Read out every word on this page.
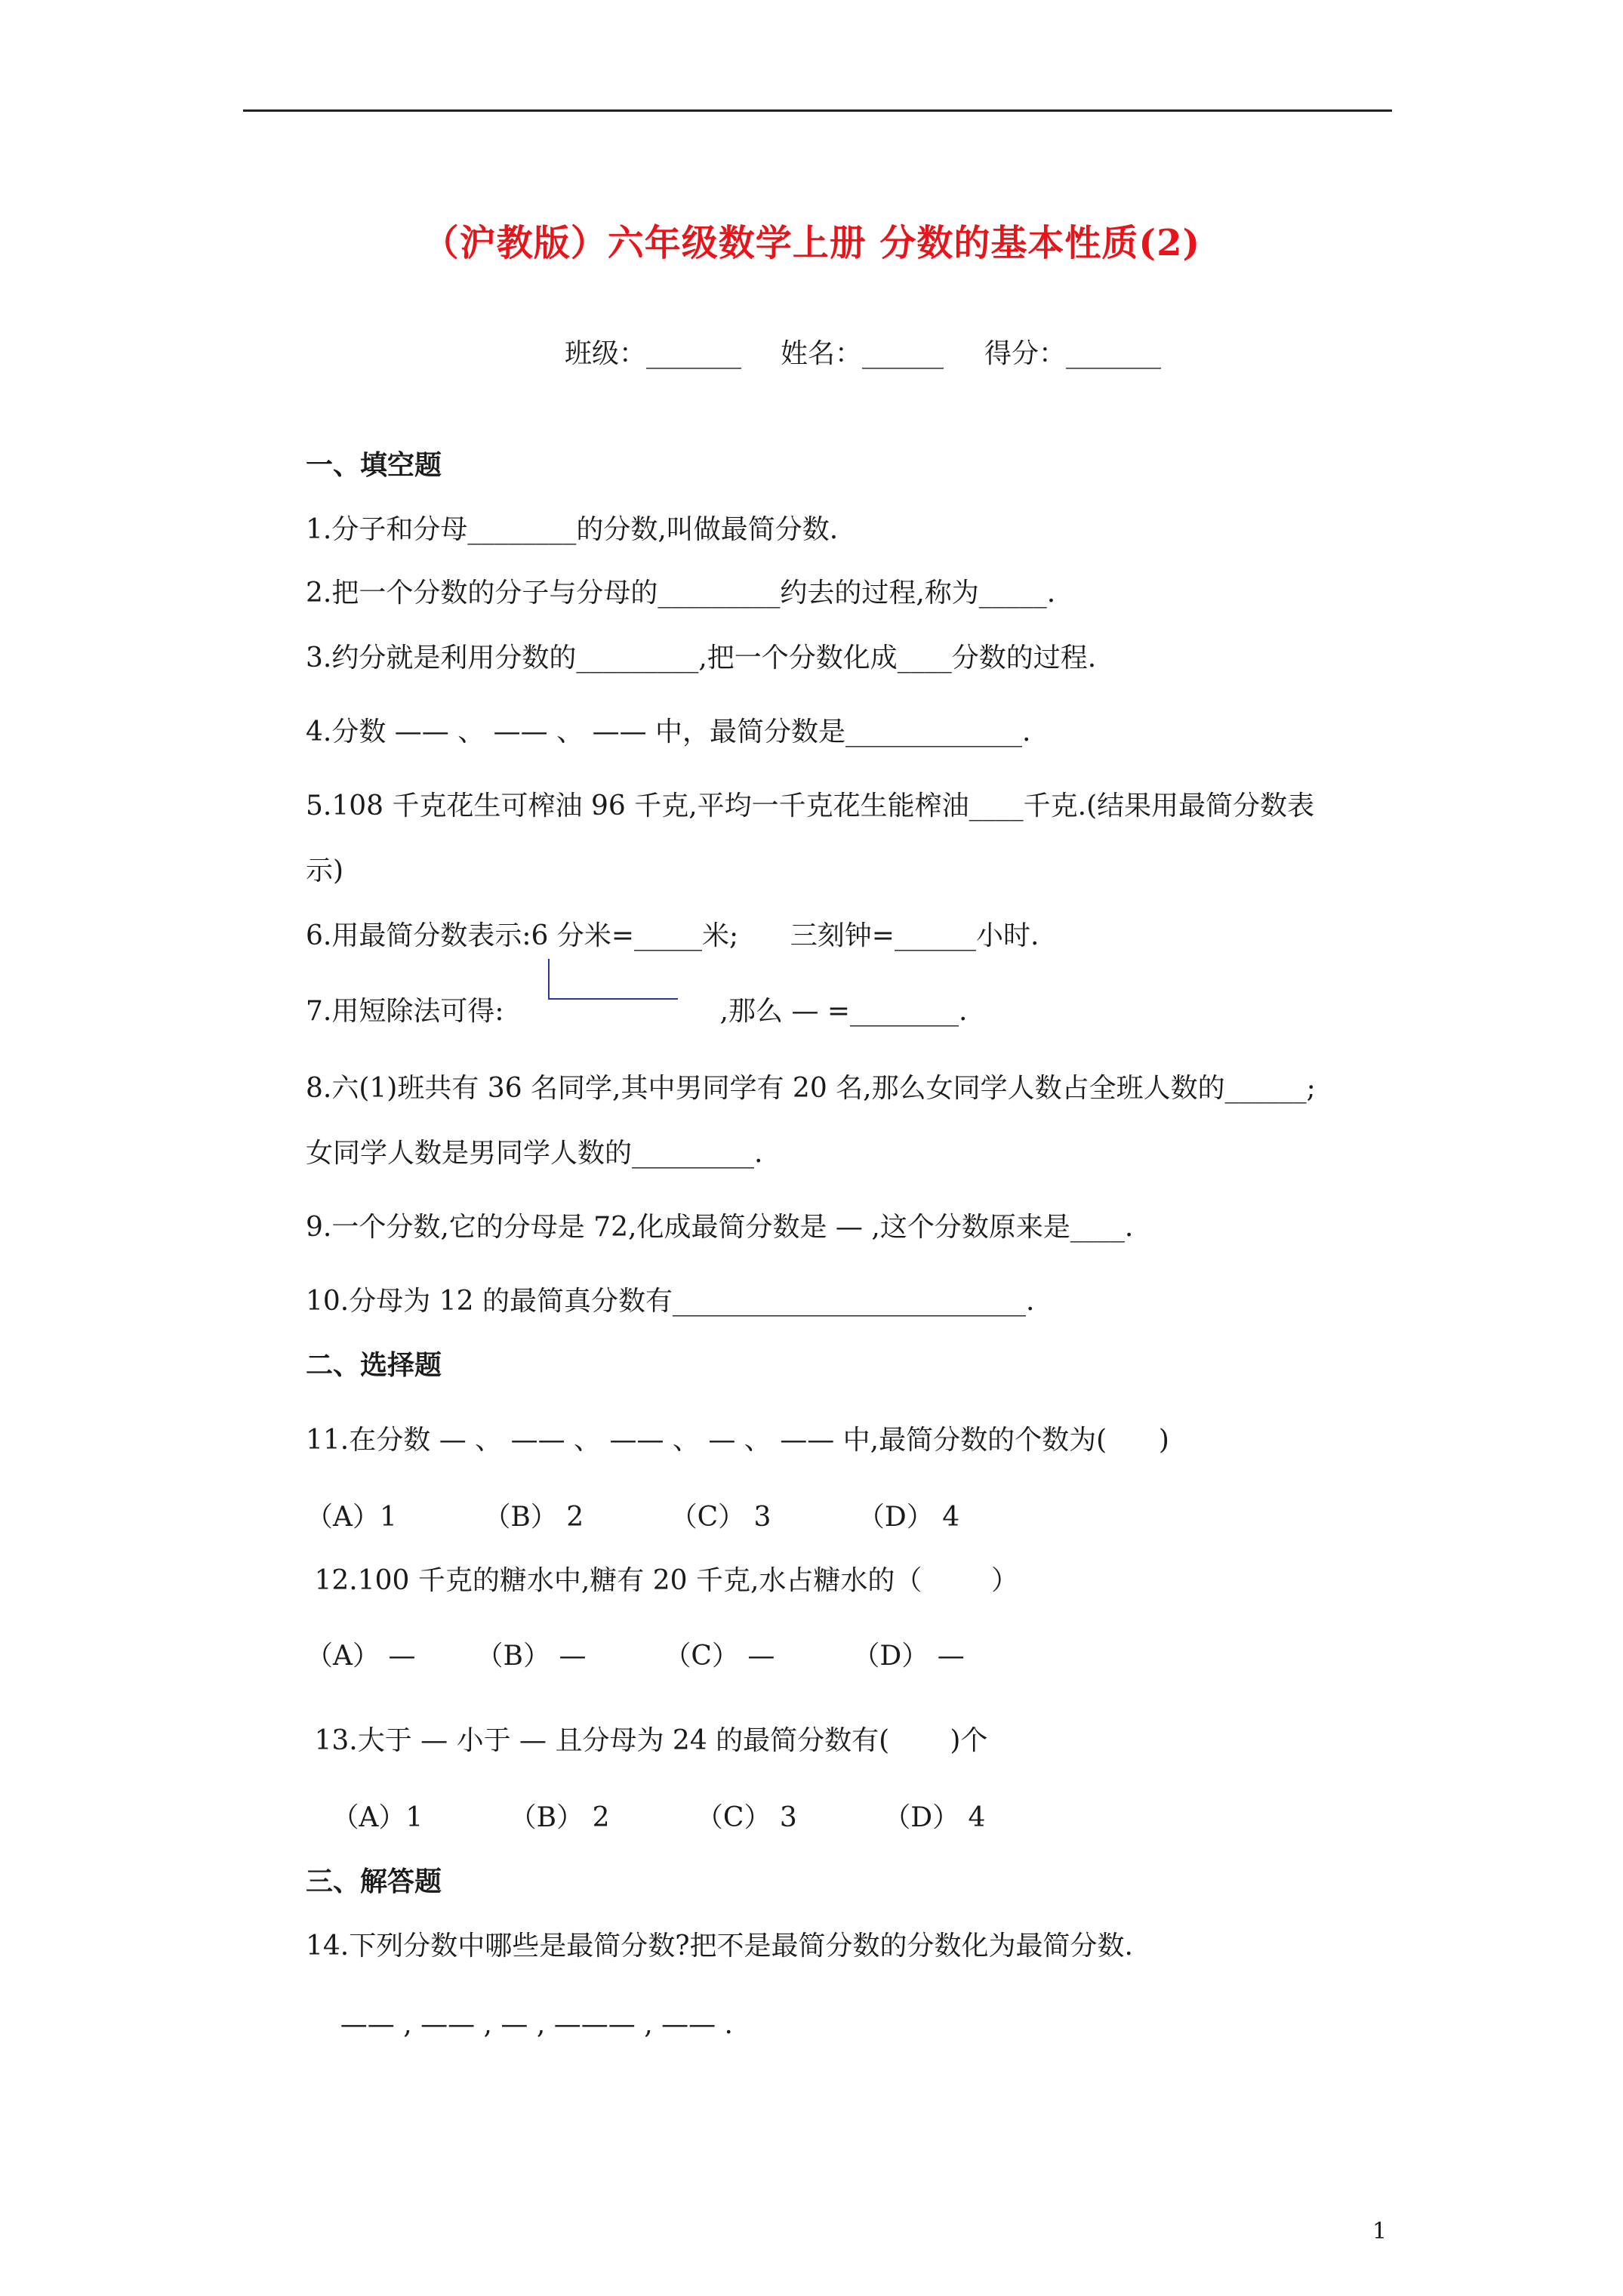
（沪教版）六年级数学上册 分数的基本性质(2)
班级：_______ 姓名：______ 得分：_______
一、填空题
1.分子和分母________的分数,叫做最简分数.
2.把一个分数的分子与分母的_________约去的过程,称为_____.
3.约分就是利用分数的_________,把一个分数化成____分数的过程.
4.分数 —— 、 —— 、 —— 中，最简分数是_____________.
5.108 千克花生可榨油 96 千克,平均一千克花生能榨油____千克.(结果用最简分数表
示)
6.用最简分数表示:6 分米=_____米;      三刻钟=______小时.
7.用短除法可得:                         ,那么 — =________.
8.六(1)班共有 36 名同学,其中男同学有 20 名,那么女同学人数占全班人数的______;
女同学人数是男同学人数的_________.
9.一个分数,它的分母是 72,化成最简分数是 — ,这个分数原来是____.
10.分母为 12 的最简真分数有__________________________.
二、选择题
11.在分数 — 、 —— 、 —— 、 — 、 —— 中,最简分数的个数为(      )
（A）1          （B） 2          （C） 3          （D） 4
12.100 千克的糖水中,糖有 20 千克,水占糖水的（        ）
（A） —       （B） —         （C） —         （D） —
13.大于 — 小于 — 且分母为 24 的最简分数有(       )个
（A）1          （B） 2          （C） 3          （D） 4
三、解答题
14.下列分数中哪些是最简分数?把不是最简分数的分数化为最简分数.
—— , —— , — , ——— , —— .
1
